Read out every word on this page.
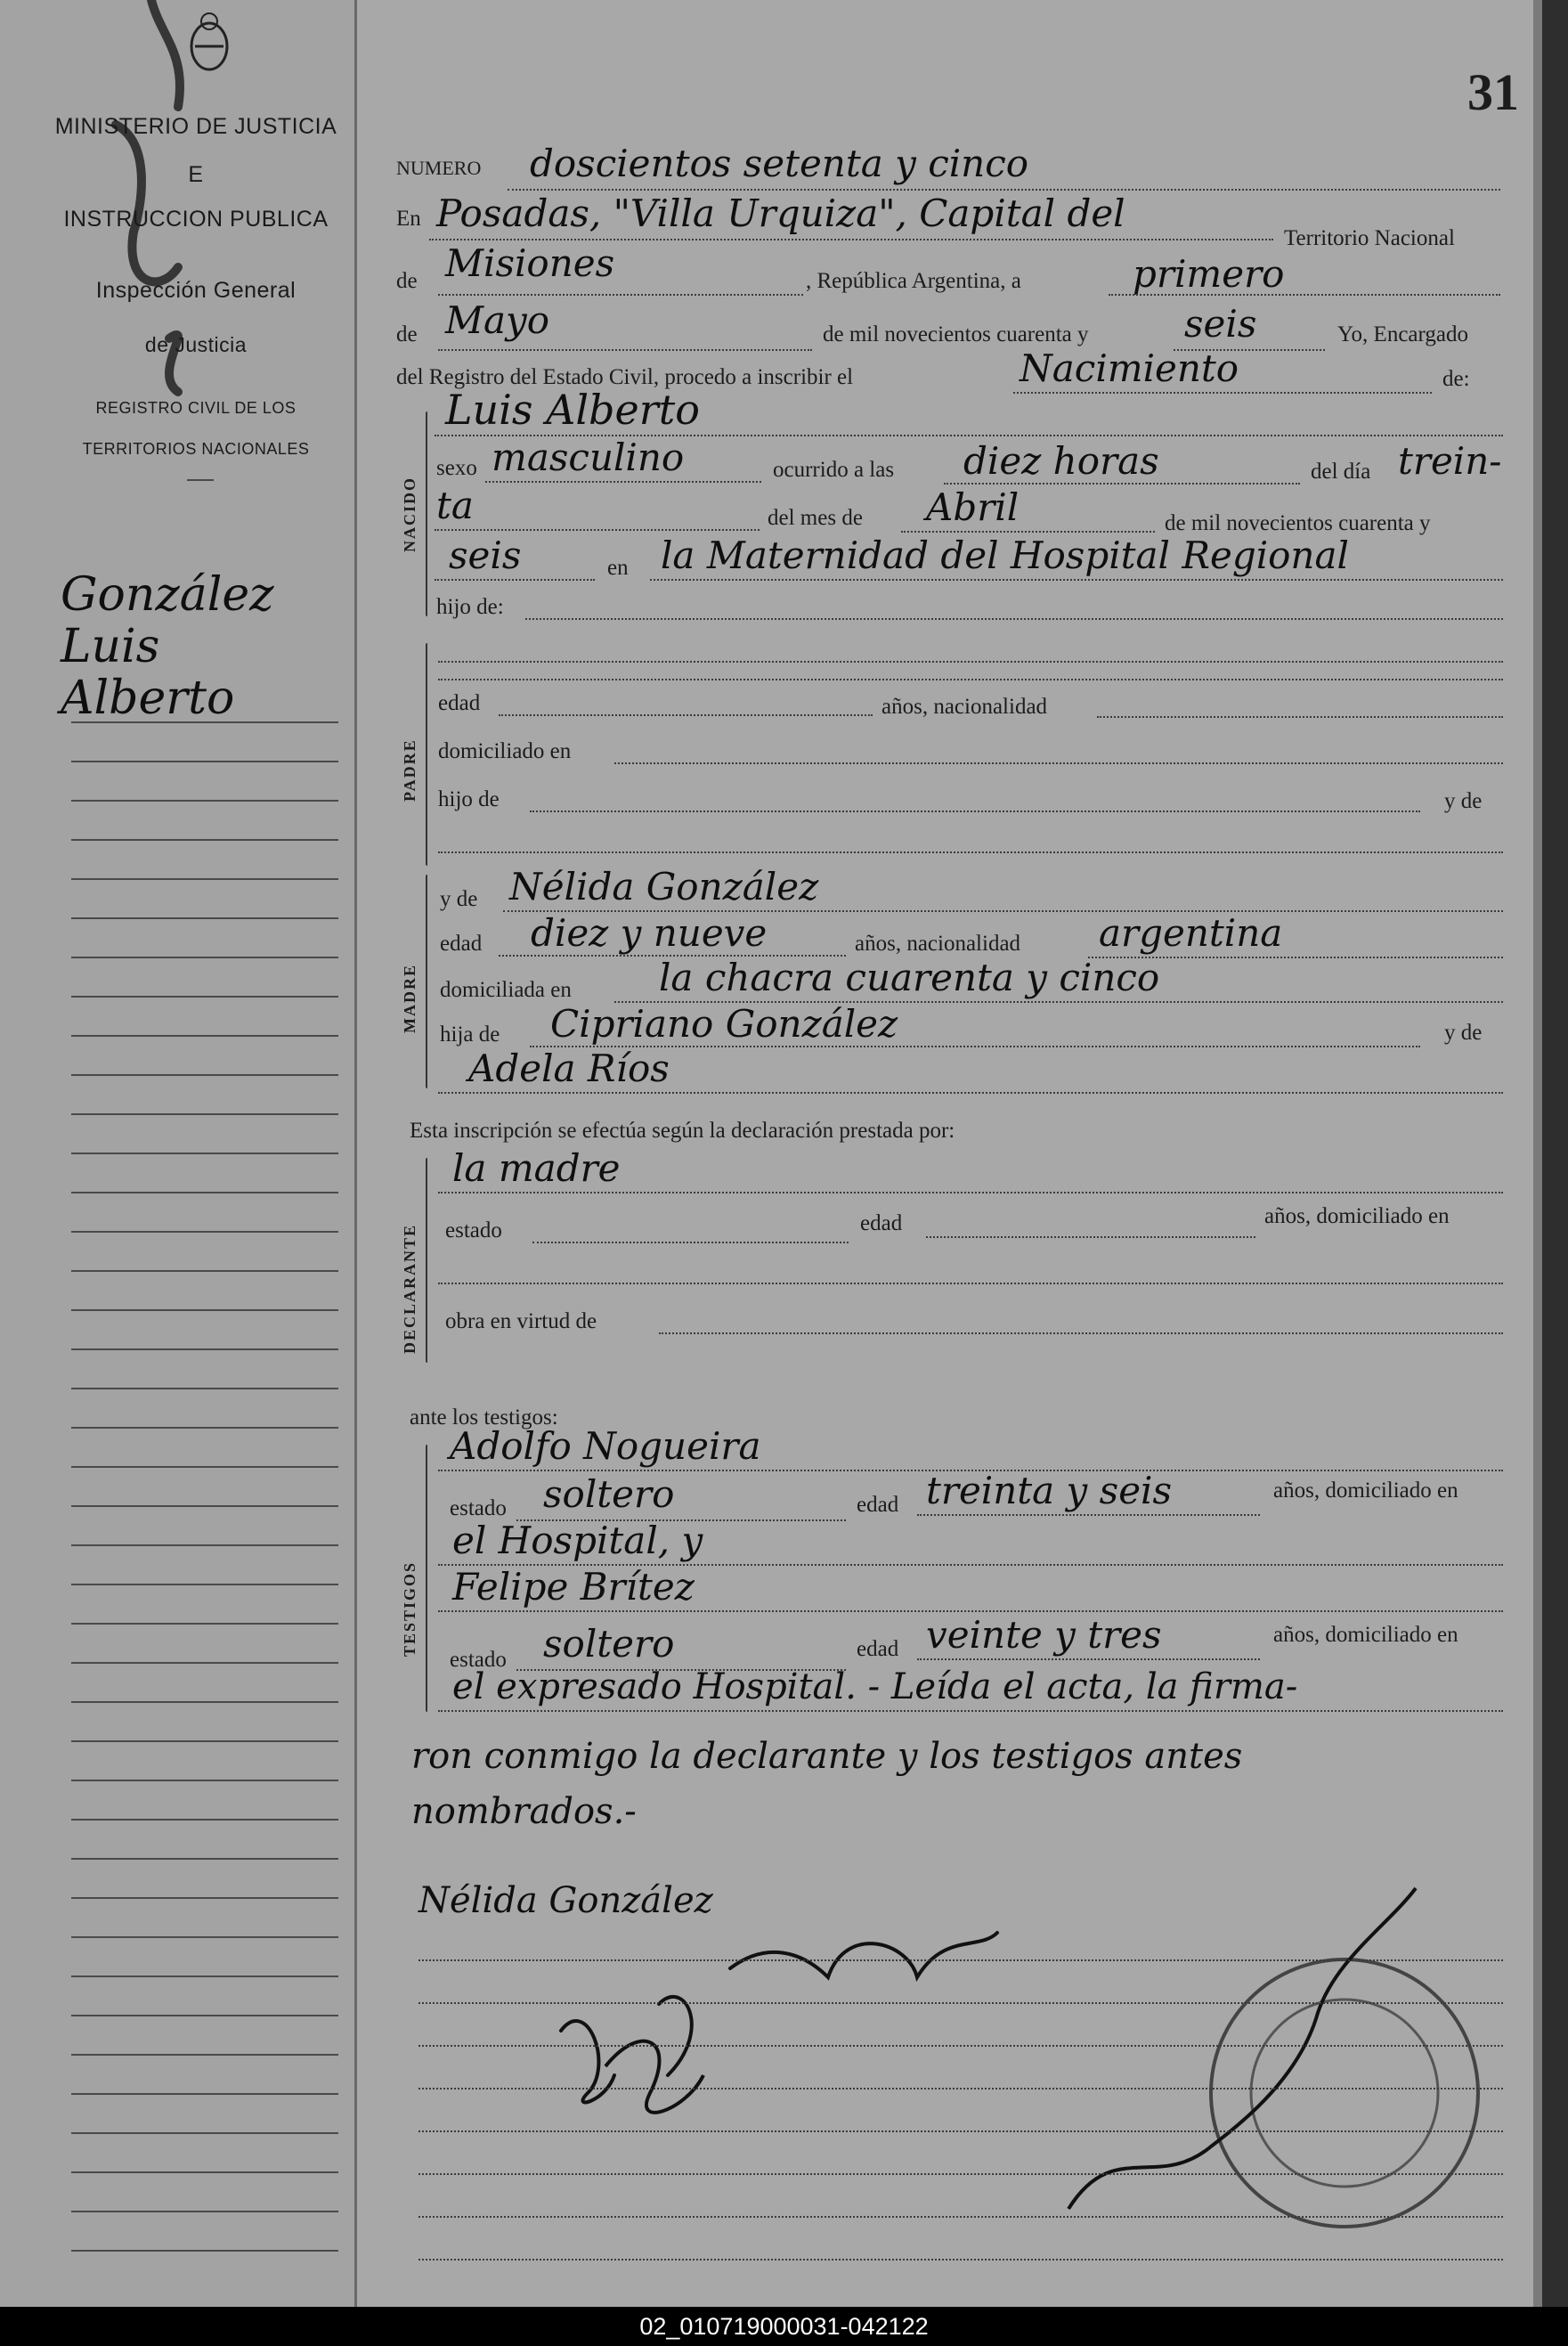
MINISTERIO DE JUSTICIA
E
INSTRUCCION PUBLICA
Inspección General
de Justicia
REGISTRO CIVIL DE LOS
TERRITORIOS NACIONALES
González
Luis
Alberto
31
NUMERO doscientos setenta y cinco
En Posadas, "Villa Urquiza", Capital del
Territorio Nacional
de Misiones	, República Argentina, a	primero
de Mayo	de mil novecientos cuarenta y	seis	Yo, Encargado
del Registro del Estado Civil, procedo a inscribir el	Nacimiento	de:
Luis Alberto
NACIDO
sexo masculino	ocurrido a las diez horas	del día trein-
ta	del mes de Abril	de mil novecientos cuarenta y
seis	en la Maternidad del Hospital Regional
hijo de:
PADRE
edad	años, nacionalidad
domiciliado en
hijo de	y de
MADRE
y de Nélida González
edad diez y nueve	años, nacionalidad argentina
domiciliada en la chacra cuarenta y cinco
hija de Cipriano González	y de
Adela Ríos
Esta inscripción se efectúa según la declaración prestada por:
DECLARANTE
la madre
estado	edad	años, domiciliado en
obra en virtud de
ante los testigos:
TESTIGOS
Adolfo Nogueira
estado soltero	edad treinta y seis	años, domiciliado en
el Hospital, y
Felipe Brítez
estado soltero	edad veinte y tres	años, domiciliado en
el expresado Hospital. - Leída el acta, la firma-
ron conmigo la declarante y los testigos antes
nombrados.-
Nélida González
02_010719000031-042122
